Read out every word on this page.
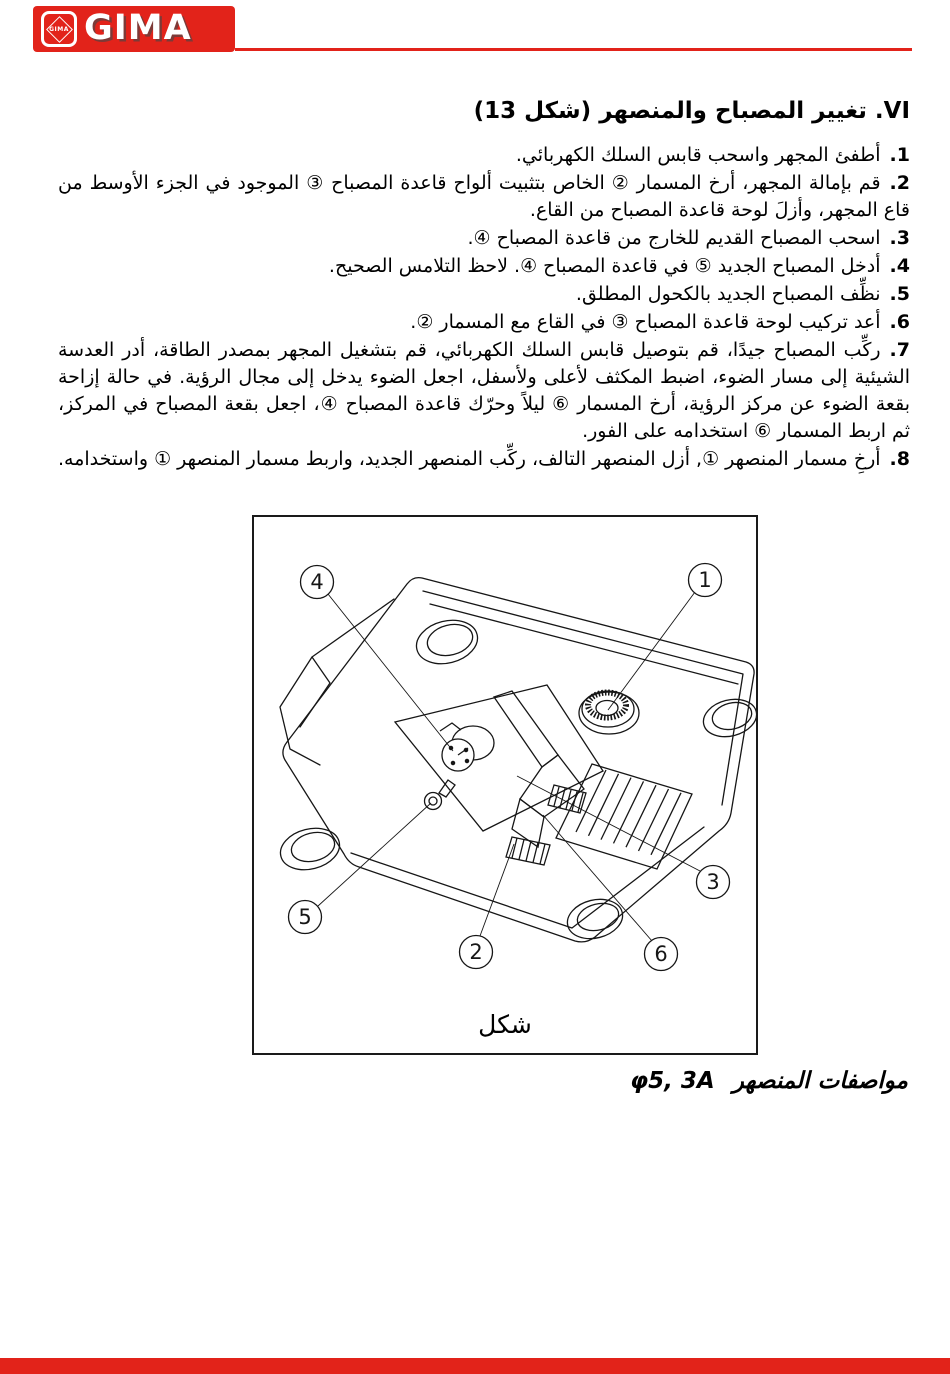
GIMA GIMA
VI. تغيير المصباح والمنصهر (شكل 13)
1.أطفئ المجهر واسحب قابس السلك الكهربائي.
2.قم بإمالة المجهر، أرخ المسمار ② الخاص بتثبيت ألواح قاعدة المصباح ③ الموجود في الجزء الأوسط من قاع المجهر، وأزلَ لوحة قاعدة المصباح من القاع.
3.اسحب المصباح القديم للخارج من قاعدة المصباح ④.
4.أدخل المصباح الجديد ⑤ في قاعدة المصباح ④. لاحظ التلامس الصحيح.
5.نظِّف المصباح الجديد بالكحول المطلق.
6.أعد تركيب لوحة قاعدة المصباح ③ في القاع مع المسمار ②.
7.ركِّب المصباح جيدًا، قم بتوصيل قابس السلك الكهربائي، قم بتشغيل المجهر بمصدر الطاقة، أدر العدسة الشيئية إلى مسار الضوء، اضبط المكثف لأعلى ولأسفل، اجعل الضوء يدخل إلى مجال الرؤية. في حالة إزاحة بقعة الضوء عن مركز الرؤية، أرخ المسمار ⑥ ليلاً وحرّك قاعدة المصباح ④، اجعل بقعة المصباح في المركز، ثم اربط المسمار ⑥ استخدامه على الفور.
8.أرخِ مسمار المنصهر ①, أزل المنصهر التالف، ركِّب المنصهر الجديد، واربط مسمار المنصهر ① واستخدامه.
1
2
3
4
5
6
شكل
مواصفات المنصهر φ5, 3A
